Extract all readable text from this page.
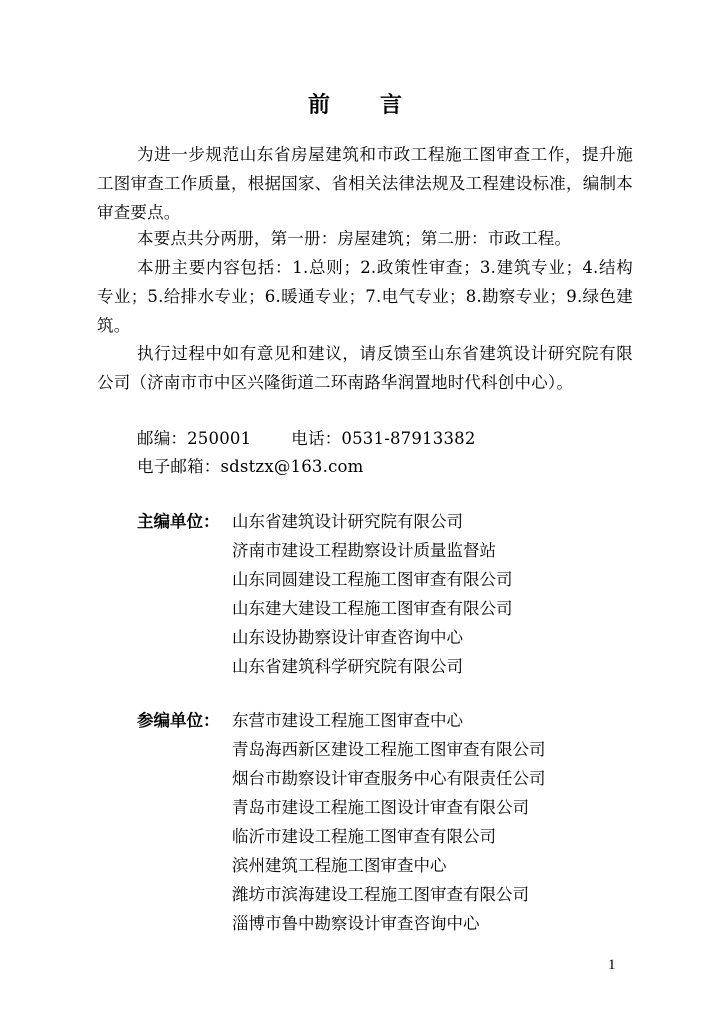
前　言

为进一步规范山东省房屋建筑和市政工程施工图审查工作，提升施工图审查工作质量，根据国家、省相关法律法规及工程建设标准，编制本审查要点。

本要点共分两册，第一册：房屋建筑；第二册：市政工程。

本册主要内容包括：1.总则；2.政策性审查；3.建筑专业；4.结构专业；5.给排水专业；6.暖通专业；7.电气专业；8.勘察专业；9.绿色建筑。

执行过程中如有意见和建议，请反馈至山东省建筑设计研究院有限公司（济南市市中区兴隆街道二环南路华润置地时代科创中心）。

邮编：250001 电话：0531-87913382

电子邮箱：sdstzx@163.com

主编单位： 山东省建筑设计研究院有限公司
济南市建设工程勘察设计质量监督站
山东同圆建设工程施工图审查有限公司
山东建大建设工程施工图审查有限公司
山东设协勘察设计审查咨询中心
山东省建筑科学研究院有限公司
参编单位： 东营市建设工程施工图审查中心
青岛海西新区建设工程施工图审查有限公司
烟台市勘察设计审查服务中心有限责任公司
青岛市建设工程施工图设计审查有限公司
临沂市建设工程施工图审查有限公司
滨州建筑工程施工图审查中心
潍坊市滨海建设工程施工图审查有限公司
淄博市鲁中勘察设计审查咨询中心
1
